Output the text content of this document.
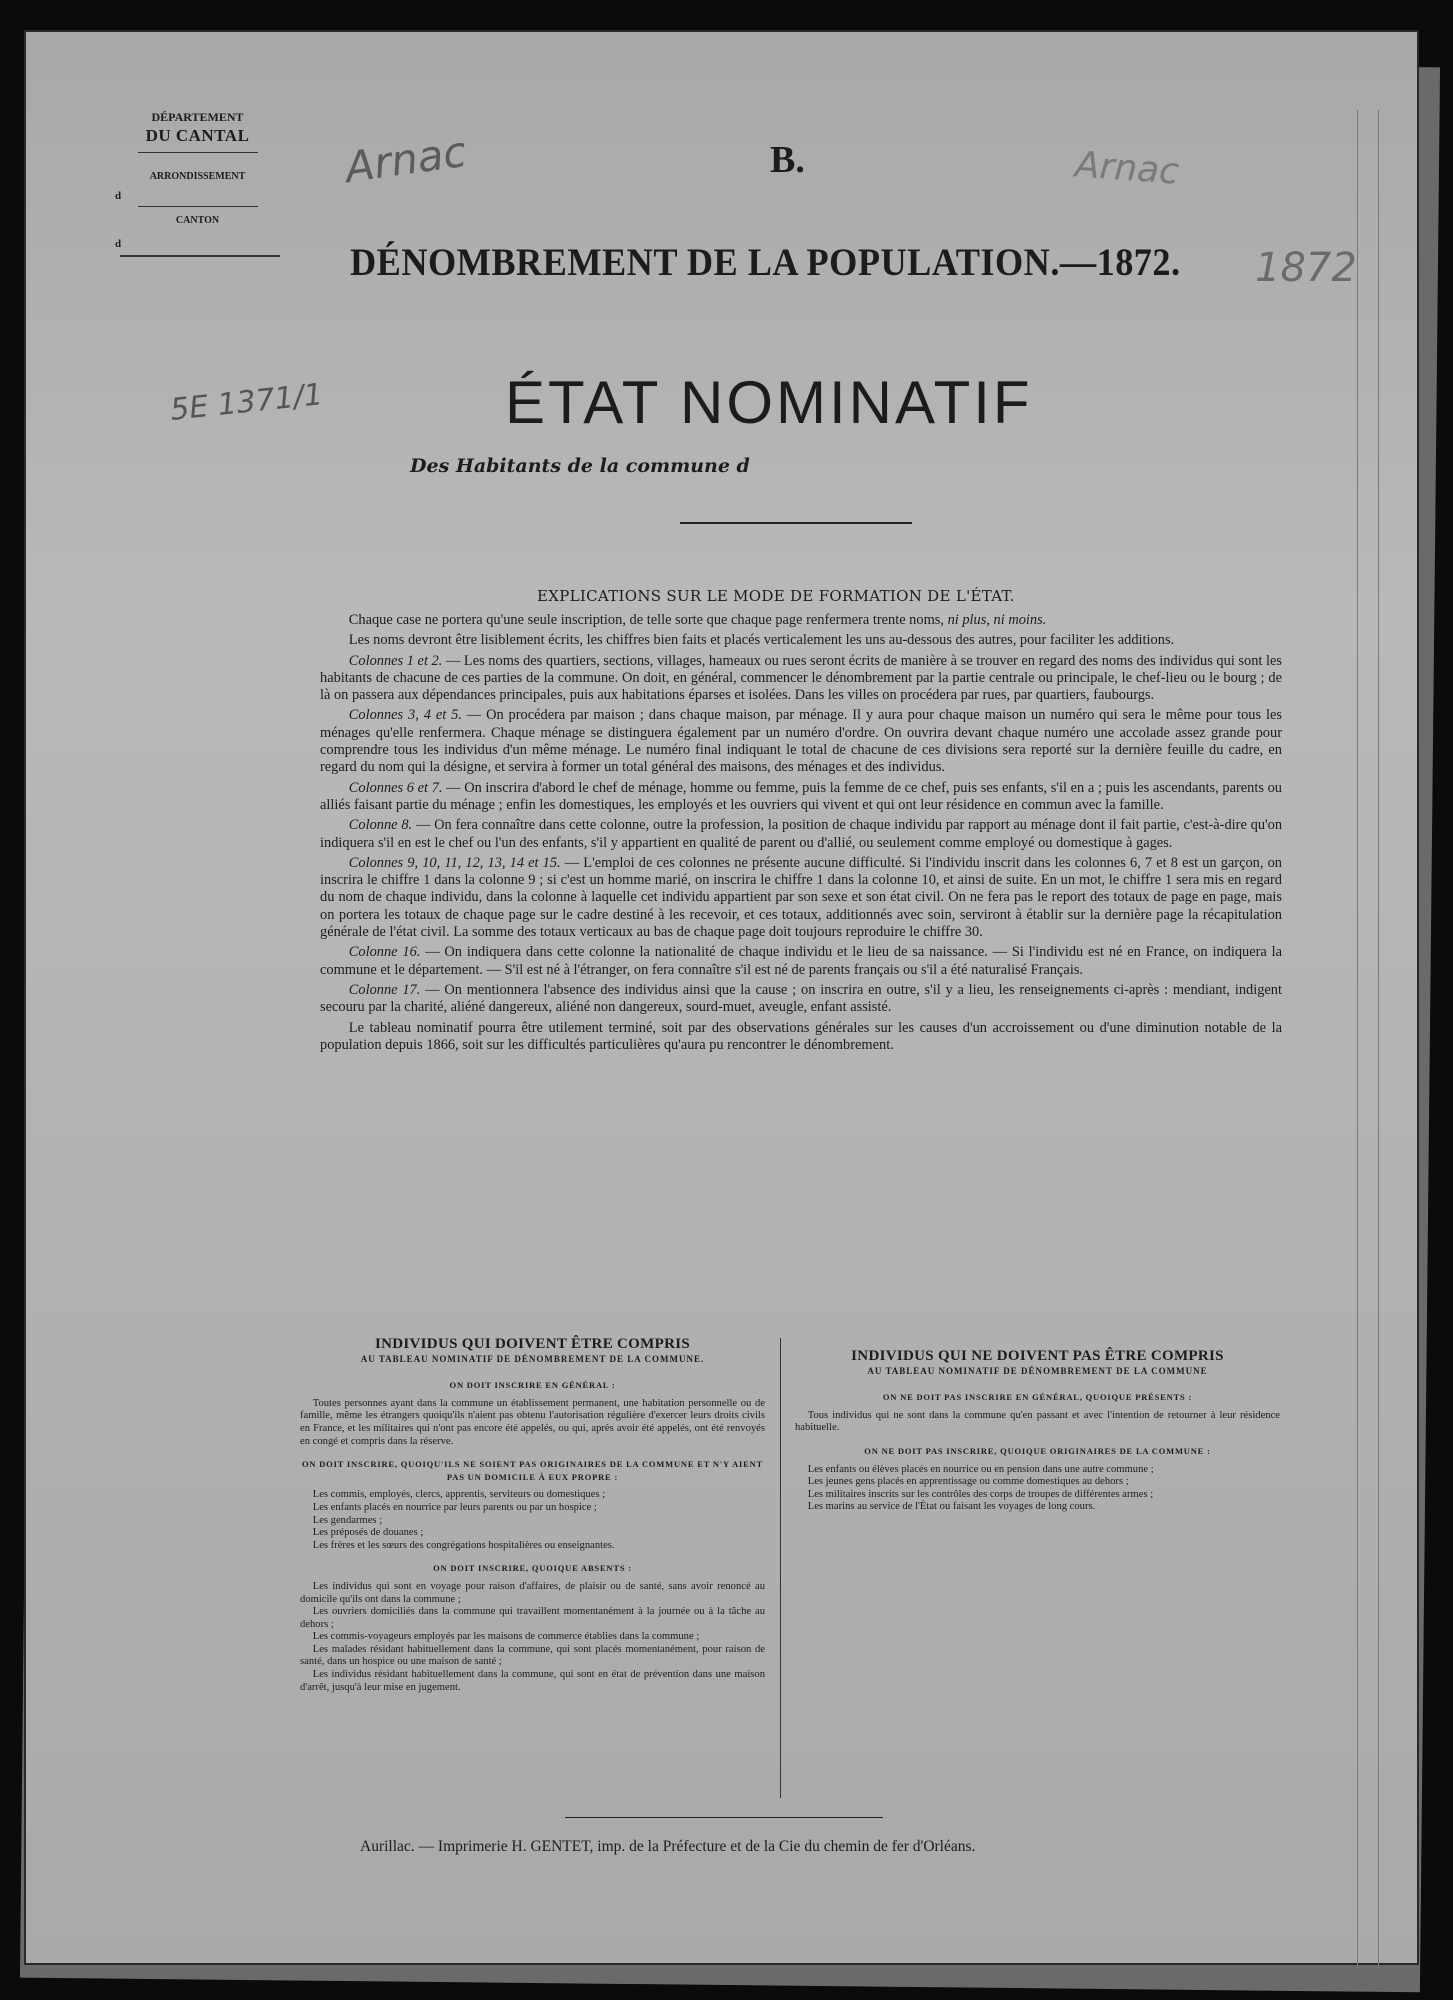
DÉPARTEMENT
DU CANTAL
ARRONDISSEMENT
d
CANTON
d
Arnac	Arnac
1872
5E 1371/1
B.
DÉNOMBREMENT DE LA POPULATION.—1872.
ÉTAT NOMINATIF
Des Habitants de la commune d
EXPLICATIONS SUR LE MODE DE FORMATION DE L'ÉTAT.

Chaque case ne portera qu'une seule inscription, de telle sorte que chaque page renfermera trente noms, ni plus, ni moins.

Les noms devront être lisiblement écrits, les chiffres bien faits et placés verticalement les uns au-dessous des autres, pour faciliter les additions.

Colonnes 1 et 2. — Les noms des quartiers, sections, villages, hameaux ou rues seront écrits de manière à se trouver en regard des noms des individus qui sont les habitants de chacune de ces parties de la commune. On doit, en général, commencer le dénombrement par la partie centrale ou principale, le chef-lieu ou le bourg ; de là on passera aux dépendances principales, puis aux habitations éparses et isolées. Dans les villes on procédera par rues, par quartiers, faubourgs.

Colonnes 3, 4 et 5. — On procédera par maison ; dans chaque maison, par ménage. Il y aura pour chaque maison un numéro qui sera le même pour tous les ménages qu'elle renfermera. Chaque ménage se distinguera également par un numéro d'ordre. On ouvrira devant chaque numéro une accolade assez grande pour comprendre tous les individus d'un même ménage. Le numéro final indiquant le total de chacune de ces divisions sera reporté sur la dernière feuille du cadre, en regard du nom qui la désigne, et servira à former un total général des maisons, des ménages et des individus.

Colonnes 6 et 7. — On inscrira d'abord le chef de ménage, homme ou femme, puis la femme de ce chef, puis ses enfants, s'il en a ; puis les ascendants, parents ou alliés faisant partie du ménage ; enfin les domestiques, les employés et les ouvriers qui vivent et qui ont leur résidence en commun avec la famille.

Colonne 8. — On fera connaître dans cette colonne, outre la profession, la position de chaque individu par rapport au ménage dont il fait partie, c'est-à-dire qu'on indiquera s'il en est le chef ou l'un des enfants, s'il y appartient en qualité de parent ou d'allié, ou seulement comme employé ou domestique à gages.

Colonnes 9, 10, 11, 12, 13, 14 et 15. — L'emploi de ces colonnes ne présente aucune difficulté. Si l'individu inscrit dans les colonnes 6, 7 et 8 est un garçon, on inscrira le chiffre 1 dans la colonne 9 ; si c'est un homme marié, on inscrira le chiffre 1 dans la colonne 10, et ainsi de suite. En un mot, le chiffre 1 sera mis en regard du nom de chaque individu, dans la colonne à laquelle cet individu appartient par son sexe et son état civil. On ne fera pas le report des totaux de page en page, mais on portera les totaux de chaque page sur le cadre destiné à les recevoir, et ces totaux, additionnés avec soin, serviront à établir sur la dernière page la récapitulation générale de l'état civil. La somme des totaux verticaux au bas de chaque page doit toujours reproduire le chiffre 30.

Colonne 16. — On indiquera dans cette colonne la nationalité de chaque individu et le lieu de sa naissance. — Si l'individu est né en France, on indiquera la commune et le département. — S'il est né à l'étranger, on fera connaître s'il est né de parents français ou s'il a été naturalisé Français.

Colonne 17. — On mentionnera l'absence des individus ainsi que la cause ; on inscrira en outre, s'il y a lieu, les renseignements ci-après : mendiant, indigent secouru par la charité, aliéné dangereux, aliéné non dangereux, sourd-muet, aveugle, enfant assisté.

Le tableau nominatif pourra être utilement terminé, soit par des observations générales sur les causes d'un accroissement ou d'une diminution notable de la population depuis 1866, soit sur les difficultés particulières qu'aura pu rencontrer le dénombrement.

INDIVIDUS QUI DOIVENT ÊTRE COMPRIS
AU TABLEAU NOMINATIF DE DÉNOMBREMENT DE LA COMMUNE.
ON DOIT INSCRIRE EN GÉNÉRAL :

Toutes personnes ayant dans la commune un établissement permanent, une habitation personnelle ou de famille, même les étrangers quoiqu'ils n'aient pas obtenu l'autorisation régulière d'exercer leurs droits civils en France, et les militaires qui n'ont pas encore été appelés, ou qui, après avoir été appelés, ont été renvoyés en congé et compris dans la réserve.

ON DOIT INSCRIRE, QUOIQU'ILS NE SOIENT PAS ORIGINAIRES DE LA COMMUNE ET N'Y AIENT PAS UN DOMICILE À EUX PROPRE :

Les commis, employés, clercs, apprentis, serviteurs ou domestiques ;

Les enfants placés en nourrice par leurs parents ou par un hospice ;

Les gendarmes ;

Les préposés de douanes ;

Les frères et les sœurs des congrégations hospitalières ou enseignantes.

ON DOIT INSCRIRE, QUOIQUE ABSENTS :

Les individus qui sont en voyage pour raison d'affaires, de plaisir ou de santé, sans avoir renoncé au domicile qu'ils ont dans la commune ;

Les ouvriers domiciliés dans la commune qui travaillent momentanément à la journée ou à la tâche au dehors ;

Les commis-voyageurs employés par les maisons de commerce établies dans la commune ;

Les malades résidant habituellement dans la commune, qui sont placés momentanément, pour raison de santé, dans un hospice ou une maison de santé ;

Les individus résidant habituellement dans la commune, qui sont en état de prévention dans une maison d'arrêt, jusqu'à leur mise en jugement.

INDIVIDUS QUI NE DOIVENT PAS ÊTRE COMPRIS
AU TABLEAU NOMINATIF DE DÉNOMBREMENT DE LA COMMUNE
ON NE DOIT PAS INSCRIRE EN GÉNÉRAL, QUOIQUE PRÉSENTS :

Tous individus qui ne sont dans la commune qu'en passant et avec l'intention de retourner à leur résidence habituelle.

ON NE DOIT PAS INSCRIRE, QUOIQUE ORIGINAIRES DE LA COMMUNE :

Les enfants ou élèves placés en nourrice ou en pension dans une autre commune ;

Les jeunes gens placés en apprentissage ou comme domestiques au dehors ;

Les militaires inscrits sur les contrôles des corps de troupes de différentes armes ;

Les marins au service de l'État ou faisant les voyages de long cours.

Aurillac. — Imprimerie H. GENTET, imp. de la Préfecture et de la Cie du chemin de fer d'Orléans.
